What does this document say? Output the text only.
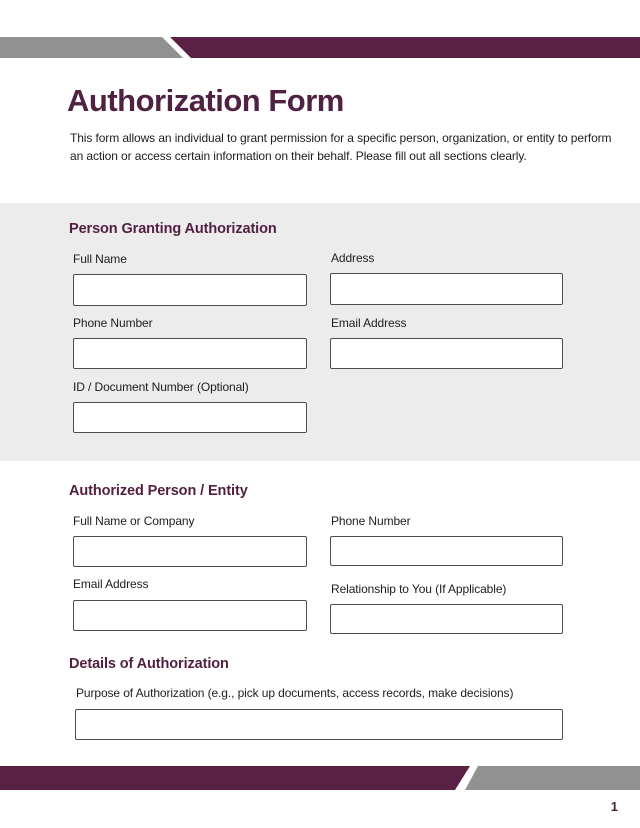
Authorization Form

This form allows an individual to grant permission for a specific person, organization, or entity to perform an action or access certain information on their behalf. Please fill out all sections clearly.

Person Granting Authorization
Full Name	Address
Phone Number	Email Address
ID / Document Number (Optional)
Authorized Person / Entity
Full Name or Company	Phone Number
Email Address	Relationship to You (If Applicable)
Details of Authorization
Purpose of Authorization (e.g., pick up documents, access records, make decisions)
1
